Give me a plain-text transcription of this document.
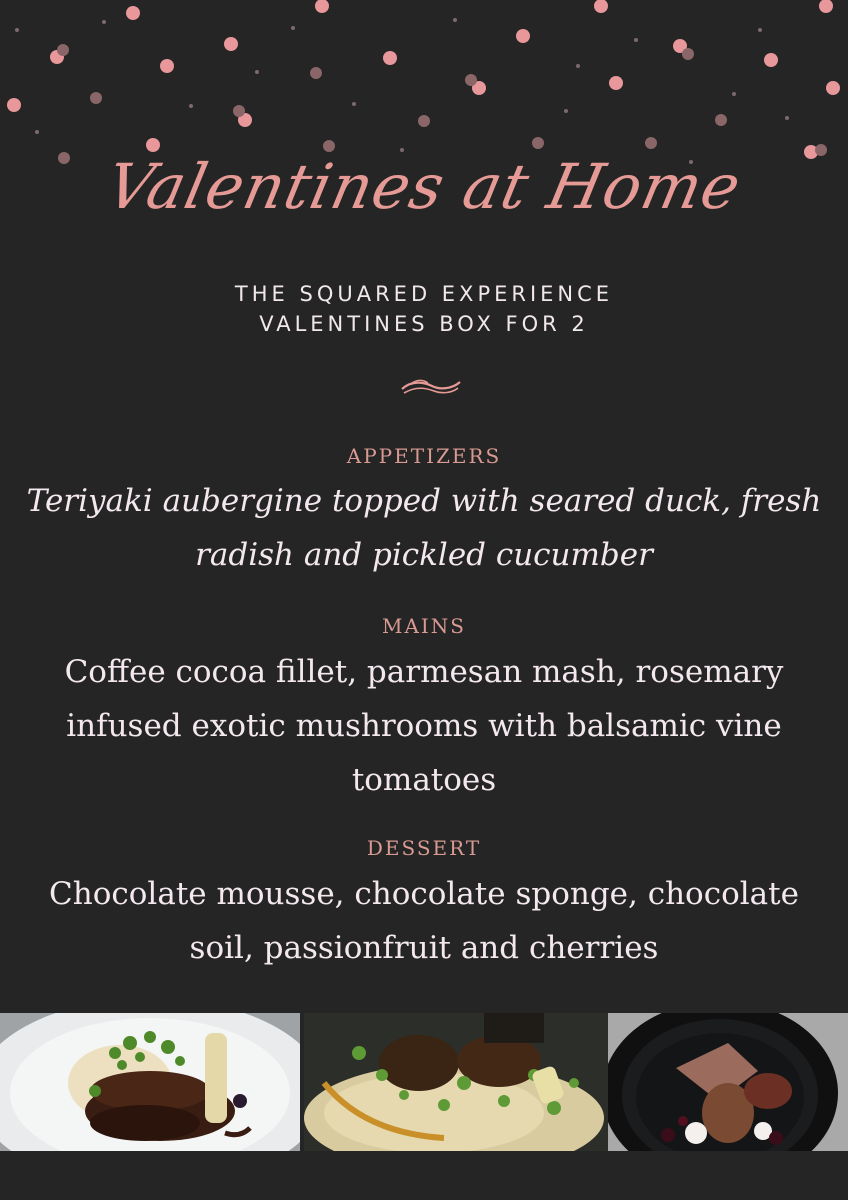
Valentines at Home
THE SQUARED EXPERIENCE
VALENTINES BOX FOR 2
APPETIZERS
Teriyaki aubergine topped with seared duck, fresh radish and pickled cucumber
MAINS
Coffee cocoa fillet, parmesan mash, rosemary infused exotic mushrooms with balsamic vine tomatoes
DESSERT
Chocolate mousse, chocolate sponge, chocolate soil, passionfruit and cherries
